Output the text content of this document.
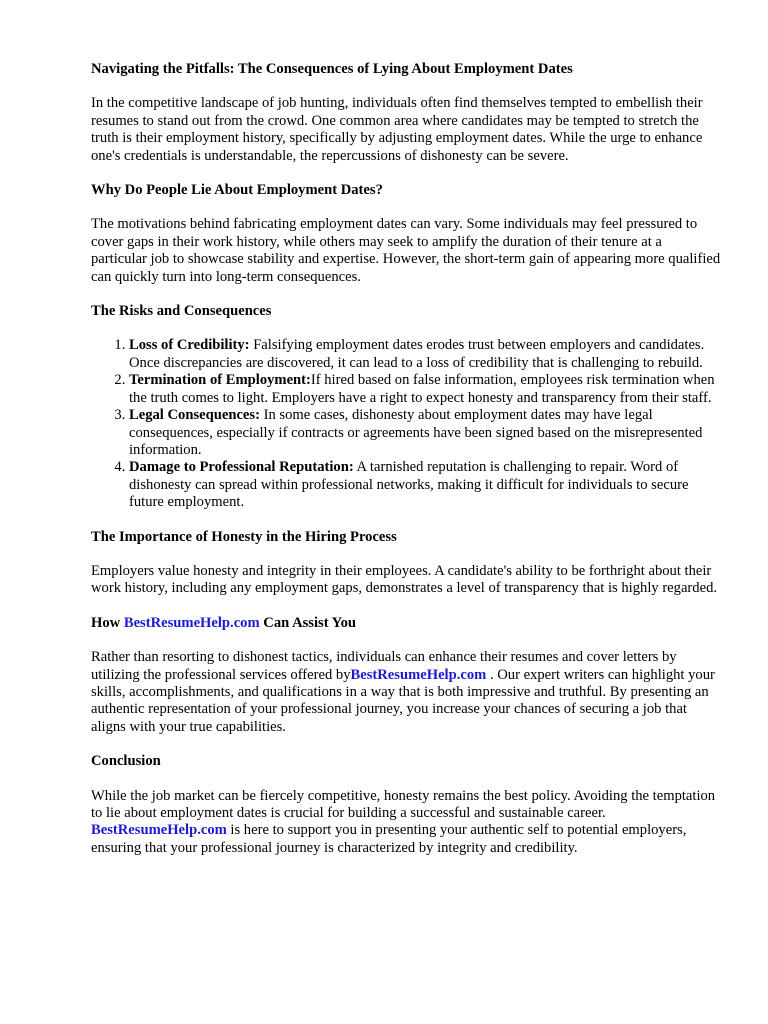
Navigating the Pitfalls: The Consequences of Lying About Employment Dates

In the competitive landscape of job hunting, individuals often find themselves tempted to embellish their resumes to stand out from the crowd. One common area where candidates may be tempted to stretch the truth is their employment history, specifically by adjusting employment dates. While the urge to enhance one's credentials is understandable, the repercussions of dishonesty can be severe.

Why Do People Lie About Employment Dates?

The motivations behind fabricating employment dates can vary. Some individuals may feel pressured to cover gaps in their work history, while others may seek to amplify the duration of their tenure at a particular job to showcase stability and expertise. However, the short-term gain of appearing more qualified can quickly turn into long-term consequences.

The Risks and Consequences
1. Loss of Credibility: Falsifying employment dates erodes trust between employers and candidates. Once discrepancies are discovered, it can lead to a loss of credibility that is challenging to rebuild.
2. Termination of Employment:If hired based on false information, employees risk termination when the truth comes to light. Employers have a right to expect honesty and transparency from their staff.
3. Legal Consequences: In some cases, dishonesty about employment dates may have legal consequences, especially if contracts or agreements have been signed based on the misrepresented information.
4. Damage to Professional Reputation: A tarnished reputation is challenging to repair. Word of dishonesty can spread within professional networks, making it difficult for individuals to secure future employment.
The Importance of Honesty in the Hiring Process

Employers value honesty and integrity in their employees. A candidate's ability to be forthright about their work history, including any employment gaps, demonstrates a level of transparency that is highly regarded.

How BestResumeHelp.com Can Assist You

Rather than resorting to dishonest tactics, individuals can enhance their resumes and cover letters by utilizing the professional services offered byBestResumeHelp.com . Our expert writers can highlight your skills, accomplishments, and qualifications in a way that is both impressive and truthful. By presenting an authentic representation of your professional journey, you increase your chances of securing a job that aligns with your true capabilities.

Conclusion

While the job market can be fiercely competitive, honesty remains the best policy. Avoiding the temptation to lie about employment dates is crucial for building a successful and sustainable career.
BestResumeHelp.com is here to support you in presenting your authentic self to potential employers, ensuring that your professional journey is characterized by integrity and credibility.
